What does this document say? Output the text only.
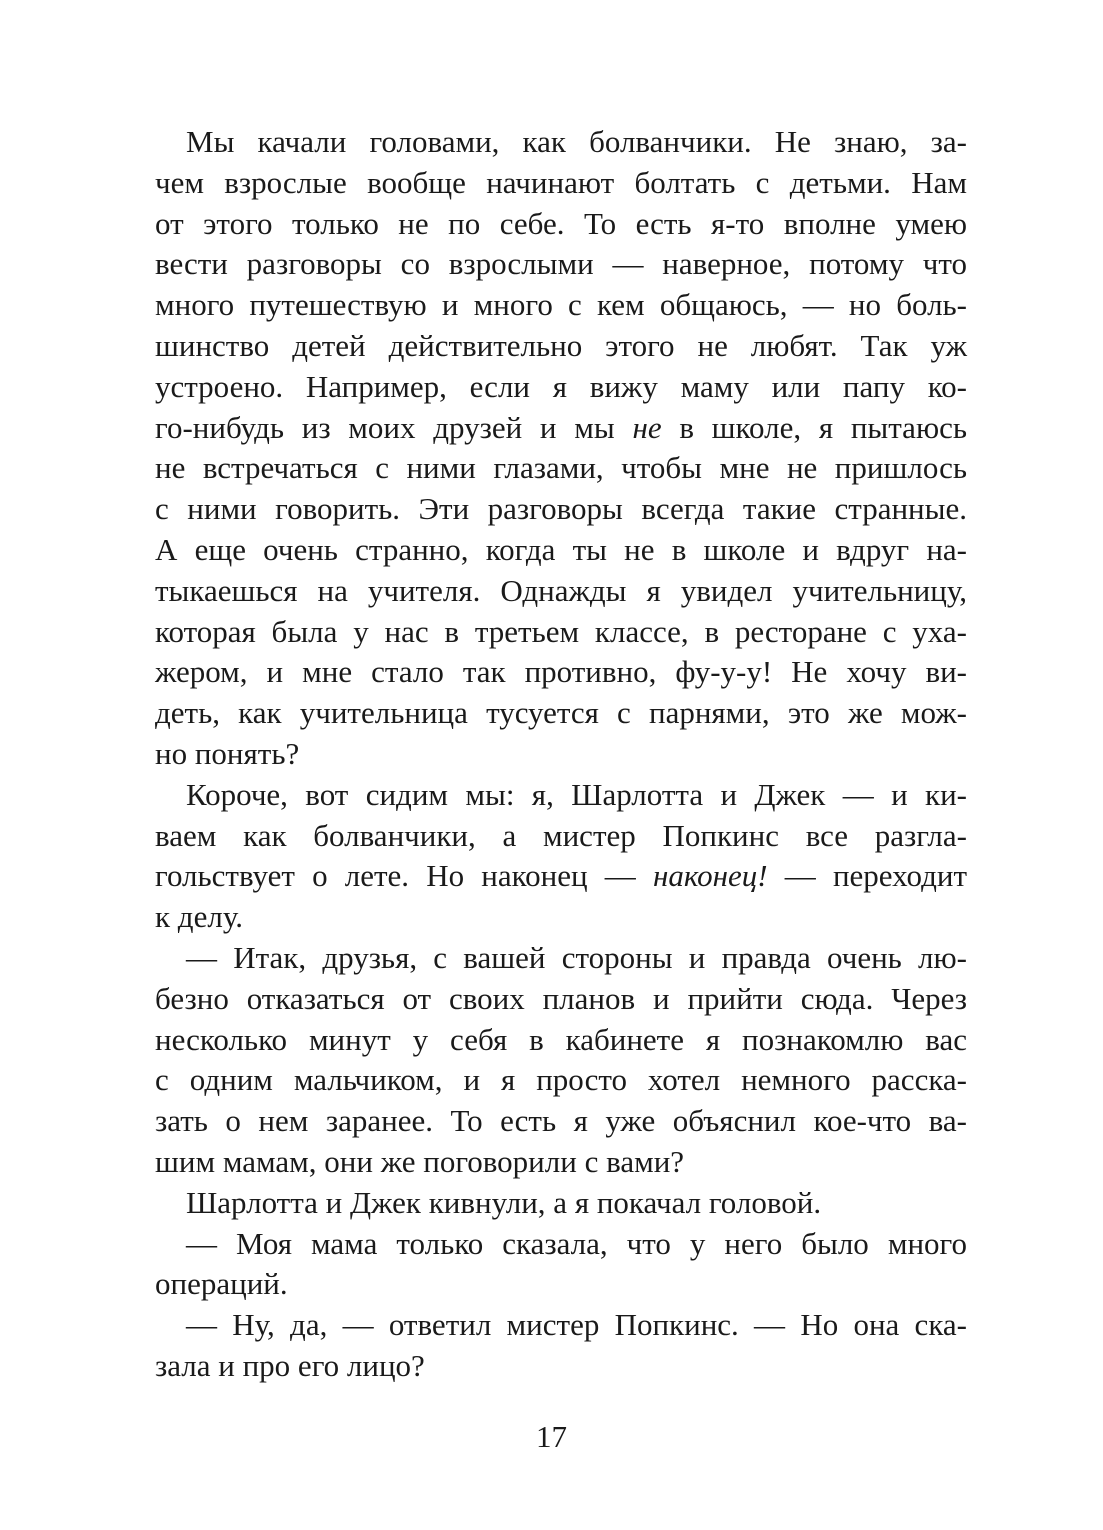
Мы качали головами, как болванчики. Не знаю, за-
чем взрослые вообще начинают болтать с детьми. Нам
от этого только не по себе. То есть я-то вполне умею
вести разговоры со взрослыми — наверное, потому что
много путешествую и много с кем общаюсь, — но боль-
шинство детей действительно этого не любят. Так уж
устроено. Например, если я вижу маму или папу ко-
го-нибудь из моих друзей и мы не в школе, я пытаюсь
не встречаться с ними глазами, чтобы мне не пришлось
с ними говорить. Эти разговоры всегда такие странные.
А еще очень странно, когда ты не в школе и вдруг на-
тыкаешься на учителя. Однажды я увидел учительницу,
которая была у нас в третьем классе, в ресторане с уха-
жером, и мне стало так противно, фу-у-у! Не хочу ви-
деть, как учительница тусуется с парнями, это же мож-
но понять?
Короче, вот сидим мы: я, Шарлотта и Джек — и ки-
ваем как болванчики, а мистер Попкинс все разгла-
гольствует о лете. Но наконец — наконец! — переходит
к делу.
— Итак, друзья, с вашей стороны и правда очень лю-
безно отказаться от своих планов и прийти сюда. Через
несколько минут у себя в кабинете я познакомлю вас
с одним мальчиком, и я просто хотел немного расска-
зать о нем заранее. То есть я уже объяснил кое-что ва-
шим мамам, они же поговорили с вами?
Шарлотта и Джек кивнули, а я покачал головой.
— Моя мама только сказала, что у него было много
операций.
— Ну, да, — ответил мистер Попкинс. — Но она ска-
зала и про его лицо?
17
